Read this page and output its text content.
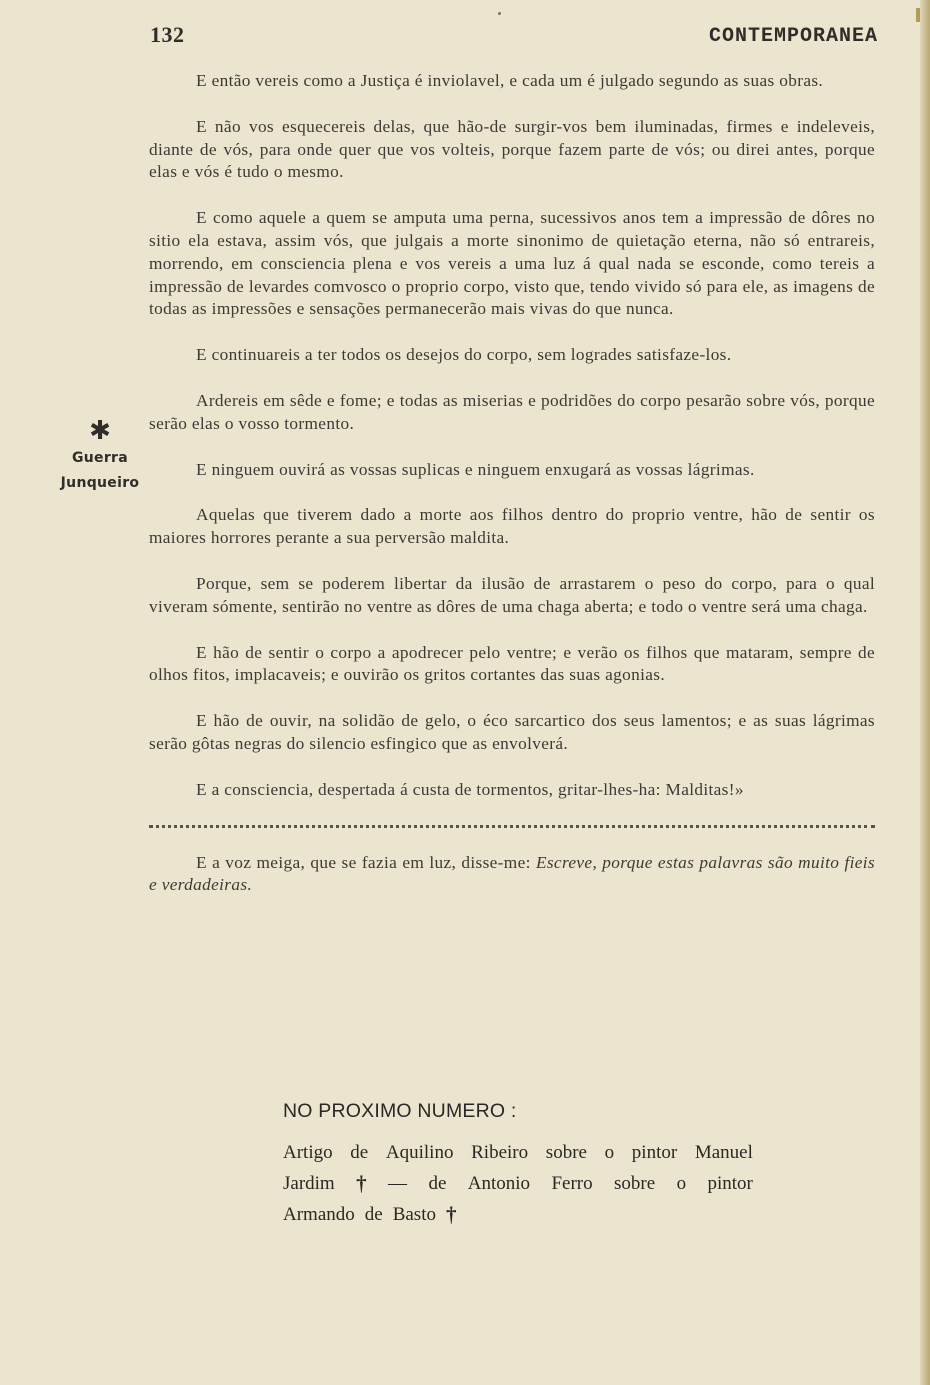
132	CONTEMPORANEA
✱
Guerra
Junqueiro

E então vereis como a Justiça é inviolavel, e cada um é julgado segundo as suas obras.

E não vos esquecereis delas, que hão-de surgir-vos bem iluminadas, firmes e indeleveis, diante de vós, para onde quer que vos volteis, porque fazem parte de vós; ou direi antes, porque elas e vós é tudo o mesmo.

E como aquele a quem se amputa uma perna, sucessivos anos tem a impressão de dôres no sitio ela estava, assim vós, que julgais a morte sinonimo de quietação eterna, não só entrareis, morrendo, em consciencia plena e vos vereis a uma luz á qual nada se esconde, como tereis a impressão de levardes comvosco o proprio corpo, visto que, tendo vivido só para ele, as imagens de todas as impressões e sensações permanecerão mais vivas do que nunca.

E continuareis a ter todos os desejos do corpo, sem logrades satisfaze-los.

Ardereis em sêde e fome; e todas as miserias e podridões do corpo pesarão sobre vós, porque serão elas o vosso tormento.

E ninguem ouvirá as vossas suplicas e ninguem enxugará as vossas lágrimas.

Aquelas que tiverem dado a morte aos filhos dentro do proprio ventre, hão de sentir os maiores horrores perante a sua perversão maldita.

Porque, sem se poderem libertar da ilusão de arrastarem o peso do corpo, para o qual viveram sómente, sentirão no ventre as dôres de uma chaga aberta; e todo o ventre será uma chaga.

E hão de sentir o corpo a apodrecer pelo ventre; e verão os filhos que mataram, sempre de olhos fitos, implacaveis; e ouvirão os gritos cortantes das suas agonias.

E hão de ouvir, na solidão de gelo, o éco sarcartico dos seus lamentos; e as suas lágrimas serão gôtas negras do silencio esfingico que as envolverá.

E a consciencia, despertada á custa de tormentos, gritar-lhes-ha: Malditas!»

E a voz meiga, que se fazia em luz, disse-me: Escreve, porque estas palavras são muito fieis e verdadeiras.

NO PROXIMO NUMERO :
Artigo de Aquilino Ribeiro sobre o pintor Manuel
Jardim † — de Antonio Ferro sobre o pintor
Armando de Basto †
